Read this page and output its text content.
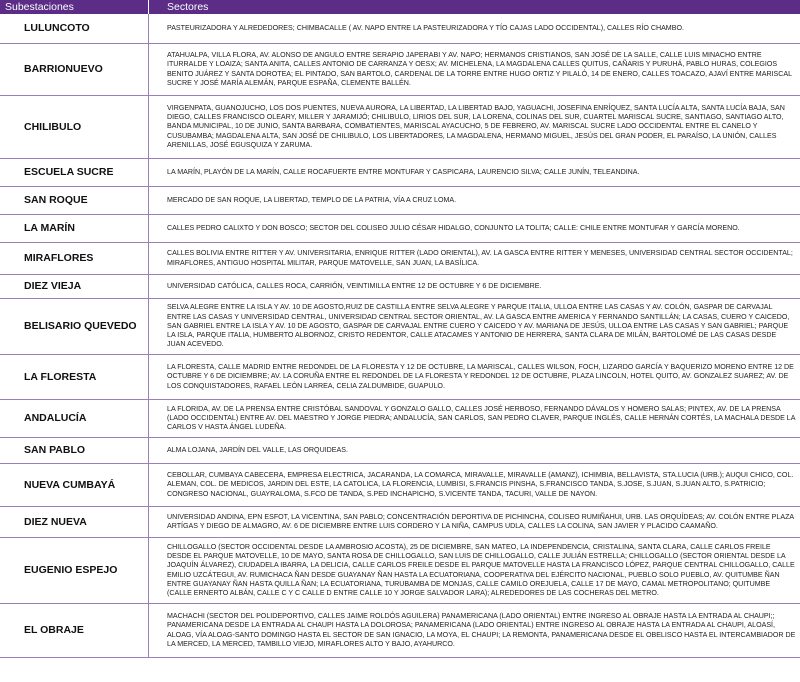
Subestaciones	Sectores
LULUNCOTO	PASTEURIZADORA Y ALREDEDORES; CHIMBACALLE ( AV. NAPO ENTRE LA PASTEURIZADORA Y TÍO CAJAS LADO OCCIDENTAL), CALLES RÍO CHAMBO.
BARRIONUEVO	ATAHUALPA, VILLA FLORA, AV. ALONSO DE ANGULO ENTRE SERAPIO JAPERABI Y AV. NAPO; HERMANOS CRISTIANOS, SAN JOSÉ DE LA SALLE, CALLE LUIS MINACHO ENTRE ITURRALDE Y LOAIZA; SANTA ANITA, CALLES ANTONIO DE CARRANZA Y OESX; AV. MICHELENA, LA MAGDALENA CALLES QUITUS, CAÑARIS Y PURUHÁ, PABLO HURAS, COLEGIOS BENITO JUÁREZ Y SANTA DOROTEA; EL PINTADO, SAN BARTOLO, CARDENAL DE LA TORRE ENTRE HUGO ORTIZ Y PILALÓ, 14 DE ENERO, CALLES TOACAZO, AJAVÍ ENTRE MARISCAL SUCRE Y JOSÉ MARÍA ALEMÁN, PARQUE ESPAÑA, CLEMENTE BALLÉN.
CHILIBULO	VIRGENPATA, GUANOJUCHO, LOS DOS PUENTES, NUEVA AURORA, LA LIBERTAD, LA LIBERTAD BAJO, YAGUACHI, JOSEFINA ENRÍQUEZ, SANTA LUCÍA ALTA, SANTA LUCÍA BAJA, SAN DIEGO, CALLES FRANCISCO OLEARY, MILLER Y JARAMIJÓ; CHILIBULO, LIRIOS DEL SUR, LA LORENA, COLINAS DEL SUR, CUARTEL MARISCAL SUCRE, SANTIAGO, SANTIAGO ALTO, BANDA MUNICIPAL, 10 DE JUNIO, SANTA BARBARA, COMBATIENTES, MARISCAL AYACUCHO, 5 DE FEBRERO, AV. MARISCAL SUCRE LADO OCCIDENTAL ENTRE EL CANELO Y CUSUBAMBA; MAGDALENA ALTA, SAN JOSÉ DE CHILIBULO, LOS LIBERTADORES, LA MAGDALENA, HERMANO MIGUEL, JESÚS DEL GRAN PODER, EL PARAÍSO, LA UNIÓN, CALLES ARENILLAS, JOSÉ EGUSQUIZA Y ZARUMA.
ESCUELA SUCRE	LA MARÍN, PLAYÓN DE LA MARÍN, CALLE ROCAFUERTE ENTRE MONTUFAR Y CASPICARA, LAURENCIO SILVA; CALLE JUNÍN, TELEANDINA.
SAN ROQUE	MERCADO DE SAN ROQUE, LA LIBERTAD, TEMPLO DE LA PATRIA, VÍA A CRUZ LOMA.
LA MARÍN	CALLES PEDRO CALIXTO Y DON BOSCO; SECTOR DEL COLISEO JULIO CÉSAR HIDALGO, CONJUNTO LA TOLITA; CALLE: CHILE ENTRE MONTUFAR Y GARCÍA MORENO.
MIRAFLORES	CALLES BOLIVIA ENTRE RITTER Y AV. UNIVERSITARIA, ENRIQUE RITTER (LADO ORIENTAL), AV. LA GASCA ENTRE RITTER Y MENESES, UNIVERSIDAD CENTRAL SECTOR OCCIDENTAL; MIRAFLORES, ANTIGUO HOSPITAL MILITAR, PARQUE MATOVELLE, SAN JUAN, LA BASÍLICA.
DIEZ VIEJA	UNIVERSIDAD CATÓLICA, CALLES ROCA, CARRIÓN, VEINTIMILLA ENTRE 12 DE OCTUBRE Y 6 DE DICIEMBRE.
BELISARIO QUEVEDO	SELVA ALEGRE ENTRE LA ISLA Y AV. 10 DE AGOSTO,RUIZ DE CASTILLA ENTRE SELVA ALEGRE Y PARQUE ITALIA, ULLOA ENTRE LAS CASAS Y AV. COLÓN, GASPAR DE CARVAJAL ENTRE LAS CASAS Y UNIVERSIDAD CENTRAL, UNIVERSIDAD CENTRAL SECTOR ORIENTAL, AV. LA GASCA ENTRE AMERICA Y FERNANDO SANTILLÁN; LA CASAS, CUERO Y CAICEDO, SAN GABRIEL ENTRE LA ISLA Y AV. 10 DE AGOSTO, GASPAR DE CARVAJAL ENTRE CUERO Y CAICEDO Y AV. MARIANA DE JESÚS, ULLOA ENTRE LAS CASAS Y SAN GABRIEL; PARQUE LA ISLA, PARQUE ITALIA, HUMBERTO ALBORNOZ, CRISTO REDENTOR, CALLE ATACAMES Y ANTONIO DE HERRERA, SANTA CLARA DE MILÁN, BARTOLOMÉ DE LAS CASAS DESDE JUAN ACEVEDO.
LA FLORESTA	LA FLORESTA, CALLE MADRID ENTRE REDONDEL DE LA FLORESTA Y 12 DE OCTUBRE, LA MARISCAL, CALLES WILSON, FOCH, LIZARDO GARCÍA Y BAQUERIZO MORENO ENTRE 12 DE OCTUBRE Y 6 DE DICIEMBRE; AV. LA CORUÑA ENTRE EL REDONDEL DE LA FLORESTA Y REDONDEL 12 DE OCTUBRE, PLAZA LINCOLN, HOTEL QUITO, AV. GONZALEZ SUAREZ; AV. DE LOS CONQUISTADORES, RAFAEL LEÓN LARREA, CELIA ZALDUMBIDE, GUAPULO.
ANDALUCÍA	LA FLORIDA, AV. DE LA PRENSA ENTRE CRISTÓBAL SANDOVAL Y GONZALO GALLO, CALLES JOSÉ HERBOSO, FERNANDO DÁVALOS Y HOMERO SALAS; PINTEX, AV. DE LA PRENSA (LADO OCCIDENTAL) ENTRE AV. DEL MAESTRO Y JORGE PIEDRA; ANDALUCÍA, SAN CARLOS, SAN PEDRO CLAVER, PARQUE INGLÉS, CALLE HERNÁN CORTÉS, LA MACHALA DESDE LA CARLOS V HASTA ÁNGEL LUDEÑA.
SAN PABLO	ALMA LOJANA, JARDÍN DEL VALLE, LAS ORQUIDEAS.
NUEVA CUMBAYÁ	CEBOLLAR, CUMBAYA CABECERA, EMPRESA ELECTRICA, JACARANDA, LA COMARCA, MIRAVALLE, MIRAVALLE (AMANZ), ICHIMBIA, BELLAVISTA, STA.LUCIA (URB.); AUQUI CHICO, COL. ALEMAN, COL. DE MEDICOS, JARDIN DEL ESTE, LA CATOLICA, LA FLORENCIA, LUMBISI, S.FRANCIS PINSHA, S.FRANCISCO TANDA, S.JOSE, S.JUAN, S.JUAN ALTO, S.PATRICIO; CONGRESO NACIONAL, GUAYRALOMA, S.FCO DE TANDA, S.PED INCHAPICHO, S.VICENTE TANDA, TACURI, VALLE DE NAYON.
DIEZ NUEVA	UNIVERSIDAD ANDINA, EPN ESFOT, LA VICENTINA, SAN PABLO; CONCENTRACIÓN DEPORTIVA DE PICHINCHA, COLISEO RUMIÑAHUI, URB. LAS ORQUÍDEAS; AV. COLÓN ENTRE PLAZA ARTÍGAS Y DIEGO DE ALMAGRO, AV. 6 DE DICIEMBRE ENTRE LUIS CORDERO Y LA NIÑA, CAMPUS UDLA, CALLES LA COLINA, SAN JAVIER Y PLACIDO CAAMAÑO.
EUGENIO ESPEJO	CHILLOGALLO (SECTOR OCCIDENTAL DESDE LA AMBROSIO ACOSTA), 25 DE DICIEMBRE, SAN MATEO, LA INDEPENDENCIA, CRISTALINA, SANTA CLARA, CALLE CARLOS FREILE DESDE EL PARQUE MATOVELLE, 10 DE MAYO, SANTA ROSA DE CHILLOGALLO, SAN LUIS DE CHILLOGALLO, CALLE JULIÁN ESTRELLA; CHILLOGALLO (SECTOR ORIENTAL DESDE LA JOAQUÍN ÁLVAREZ), CIUDADELA IBARRA, LA DELICIA, CALLE CARLOS FREILE DESDE EL PARQUE MATOVELLE HASTA LA FRANCISCO LÓPEZ, PARQUE CENTRAL CHILLOGALLO, CALLE EMILIO UZCÁTEGUI, AV. RUMICHACA ÑAN DESDE GUAYANAY ÑAN HASTA LA ECUATORIANA, COOPERATIVA DEL EJÉRCITO NACIONAL, PUEBLO SOLO PUEBLO, AV. QUITUMBE ÑAN ENTRE GUAYANAY ÑAN HASTA QUILLA ÑAN; LA ECUATORIANA, TURUBAMBA DE MONJAS, CALLE CAMILO OREJUELA, CALLE 17 DE MAYO, CAMAL METROPOLITANO; QUITUMBE (CALLE ERNERTO ALBÁN, CALLE C Y C CALLE D ENTRE CALLE 10 Y JORGE SALVADOR LARA); ALREDEDORES DE LAS COCHERAS DEL METRO.
EL OBRAJE	MACHACHI (SECTOR DEL POLIDEPORTIVO, CALLES JAIME ROLDÓS AGUILERA) PANAMERICANA (LADO ORIENTAL) ENTRE INGRESO AL OBRAJE HASTA LA ENTRADA AL CHAUPI;; PANAMERICANA DESDE LA ENTRADA AL CHAUPI HASTA LA DOLOROSA; PANAMERICANA (LADO ORIENTAL) ENTRE INGRESO AL OBRAJE HASTA LA ENTRADA AL CHAUPI, ALOASÍ, ALOAG, VÍA ALOAG-SANTO DOMINGO HASTA EL SECTOR DE SAN IGNACIO, LA MOYA, EL CHAUPI; LA REMONTA, PANAMERICANA DESDE EL OBELISCO HASTA EL INTERCAMBIADOR DE LA MERCED, LA MERCED, TAMBILLO VIEJO, MIRAFLORES ALTO Y BAJO, AYAHURCO.
